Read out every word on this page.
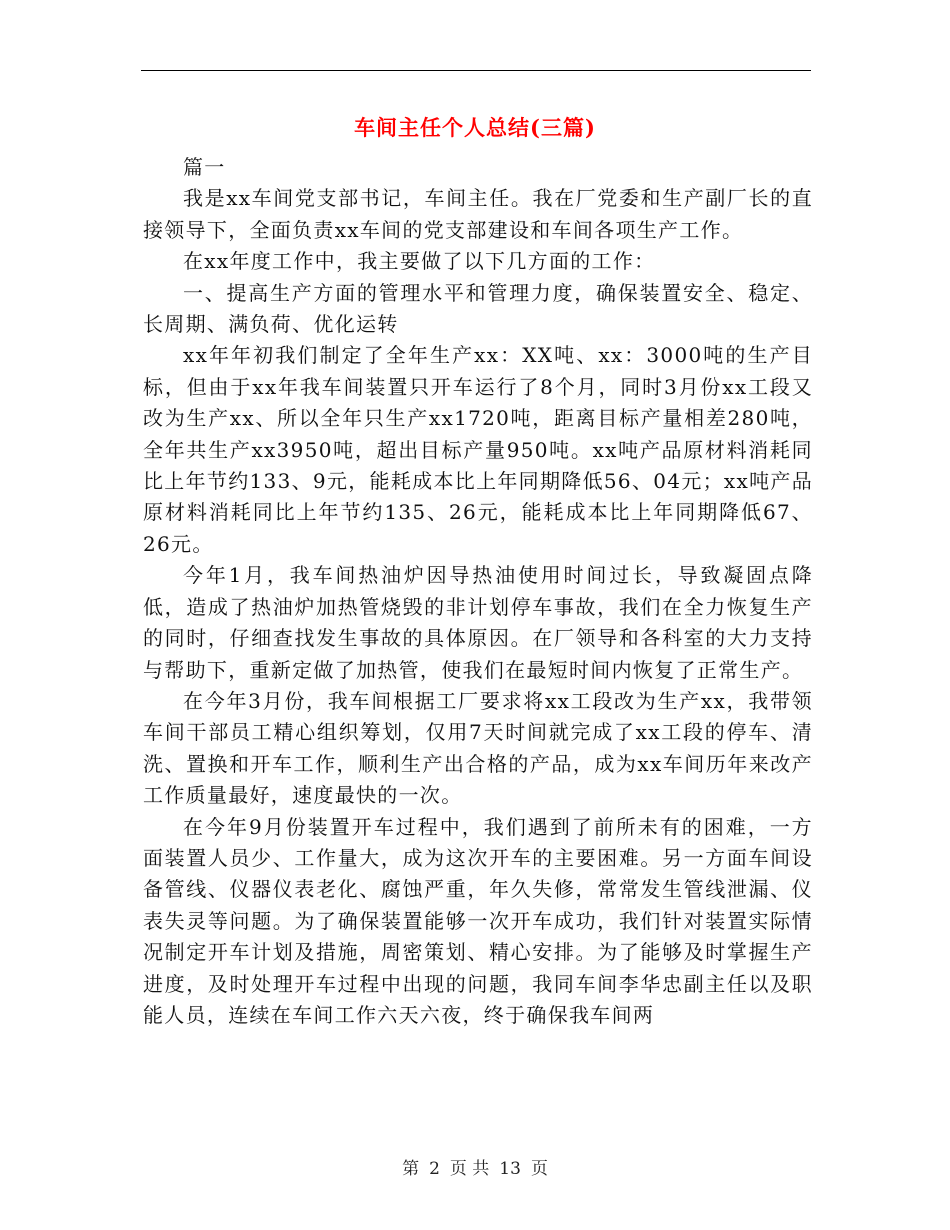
车间主任个人总结(三篇)

篇一

我是xx车间党支部书记，车间主任。我在厂党委和生产副厂长的直接领导下，全面负责xx车间的党支部建设和车间各项生产工作。

在xx年度工作中，我主要做了以下几方面的工作：

一、提高生产方面的管理水平和管理力度，确保装置安全、稳定、长周期、满负荷、优化运转

xx年年初我们制定了全年生产xx：XX吨、xx：3000吨的生产目标，但由于xx年我车间装置只开车运行了8个月，同时3月份xx工段又改为生产xx、所以全年只生产xx1720吨，距离目标产量相差280吨，全年共生产xx3950吨，超出目标产量950吨。xx吨产品原材料消耗同比上年节约133、9元，能耗成本比上年同期降低56、04元；xx吨产品原材料消耗同比上年节约135、26元，能耗成本比上年同期降低67、26元。

今年1月，我车间热油炉因导热油使用时间过长，导致凝固点降低，造成了热油炉加热管烧毁的非计划停车事故，我们在全力恢复生产的同时，仔细查找发生事故的具体原因。在厂领导和各科室的大力支持与帮助下，重新定做了加热管，使我们在最短时间内恢复了正常生产。

在今年3月份，我车间根据工厂要求将xx工段改为生产xx，我带领车间干部员工精心组织筹划，仅用7天时间就完成了xx工段的停车、清洗、置换和开车工作，顺利生产出合格的产品，成为xx车间历年来改产工作质量最好，速度最快的一次。

在今年9月份装置开车过程中，我们遇到了前所未有的困难，一方面装置人员少、工作量大，成为这次开车的主要困难。另一方面车间设备管线、仪器仪表老化、腐蚀严重，年久失修，常常发生管线泄漏、仪表失灵等问题。为了确保装置能够一次开车成功，我们针对装置实际情况制定开车计划及措施，周密策划、精心安排。为了能够及时掌握生产进度，及时处理开车过程中出现的问题，我同车间李华忠副主任以及职能人员，连续在车间工作六天六夜，终于确保我车间两

第 2 页 共 13 页
